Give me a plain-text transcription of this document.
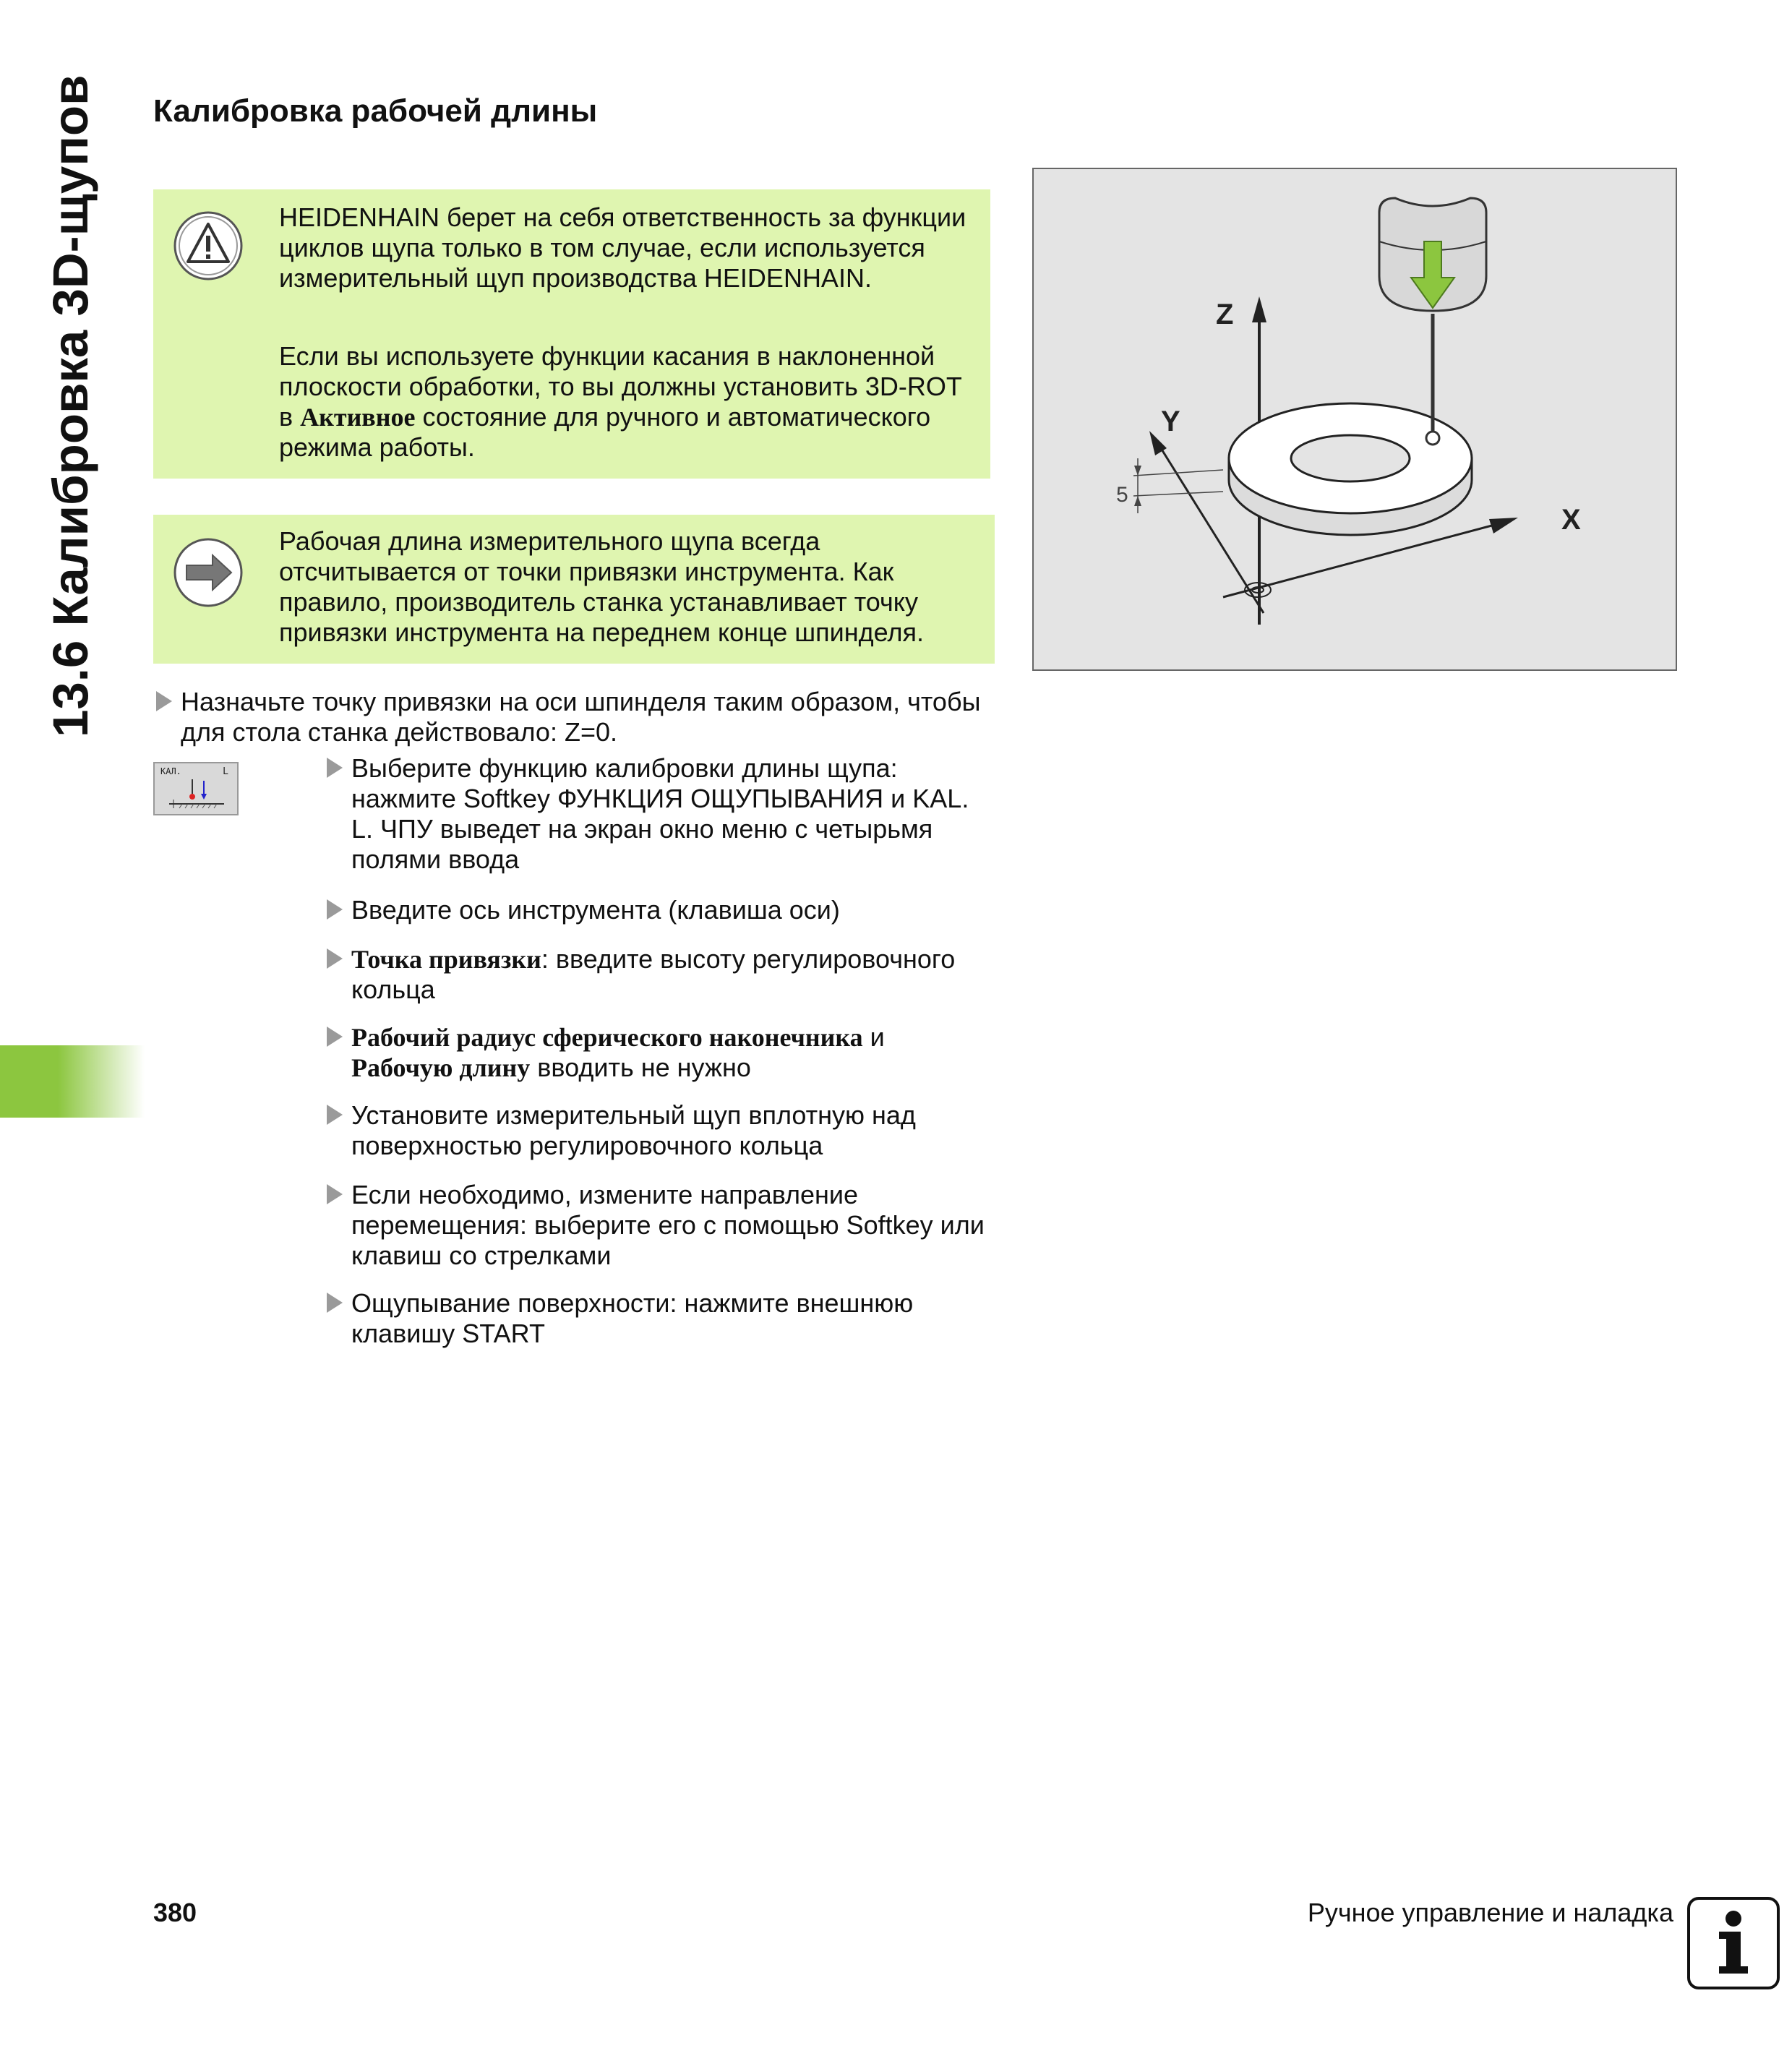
13.6 Калибровка 3D-щупов	Калибровка рабочей длины
HEIDENHAIN берет на себя ответственность за функции циклов щупа только в том случае, если используется измерительный щуп производства HEIDENHAIN.
Если вы используете функции касания в наклоненной плоскости обработки, то вы должны установить 3D-ROT в Активное состояние для ручного и автоматического режима работы.
Рабочая длина измерительного щупа всегда отсчитывается от точки привязки инструмента. Как правило, производитель станка устанавливает точку привязки инструмента на переднем конце шпинделя.
Z
Y
X
5
Назначьте точку привязки на оси шпинделя таким образом, чтобы для стола станка действовало: Z=0.
КАЛ.	L	Выберите функцию калибровки длины щупа: нажмите Softkey ФУНКЦИЯ ОЩУПЫВАНИЯ и KAL. L. ЧПУ выведет на экран окно меню с четырьмя полями ввода
Введите ось инструмента (клавиша оси)
Точка привязки: введите высоту регулировочного кольца
Рабочий радиус сферического наконечника и Рабочую длину вводить не нужно
Установите измерительный щуп вплотную над поверхностью регулировочного кольца
Если необходимо, измените направление перемещения: выберите его с помощью Softkey или клавиш со стрелками
Ощупывание поверхности: нажмите внешнюю клавишу START
380	Ручное управление и наладка
